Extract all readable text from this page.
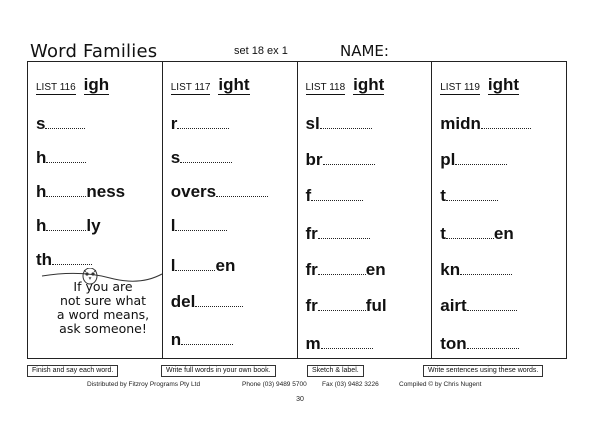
Word Families	set 18 ex 1	NAME:
LIST 116 igh
s
h
h ness
h ly
th
If you are
not sure what
a word means,
ask someone!
LIST 117 ight
r
s
overs
l
l en
del
n
LIST 118 ight
sl
br
f
fr
fr	en
fr	ful
m
LIST 119 ight
midn
pl
t
t	en
kn
airt
ton
Finish and say each word.	Write full words in your own book.	Sketch & label.	Write sentences using these words.
Distributed by Fitzroy Programs Pty Ltd	Phone (03) 9489 5700 Fax (03) 9482 3226	Compiled © by Chris Nugent
30
